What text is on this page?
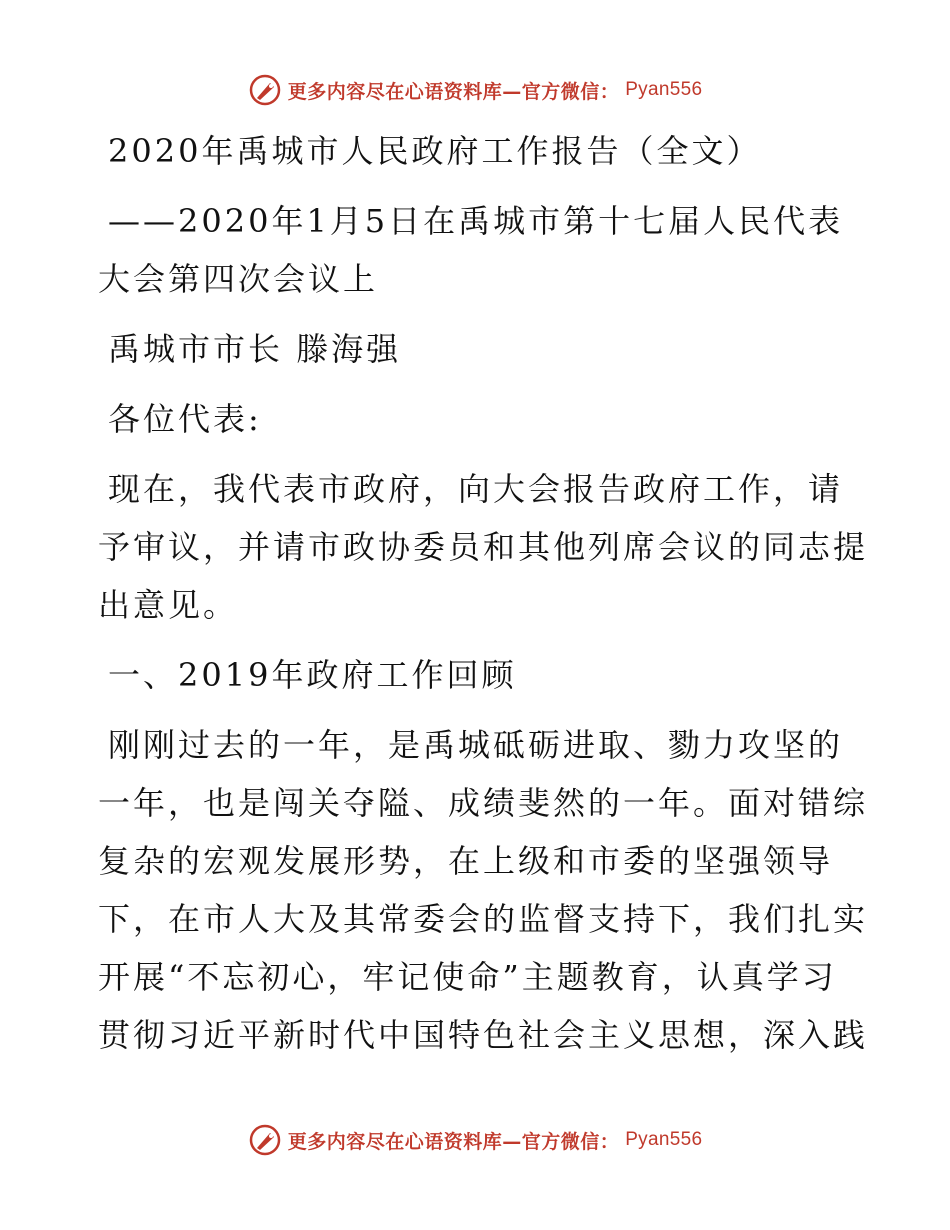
更多内容尽在心语资料库—官方微信： Pyan556
2020年禹城市人民政府工作报告（全文）
——2020年1月5日在禹城市第十七届人民代表
大会第四次会议上
禹城市市长 滕海强
各位代表:
现在，我代表市政府，向大会报告政府工作，请
予审议，并请市政协委员和其他列席会议的同志提
出意见。
一、2019年政府工作回顾
刚刚过去的一年，是禹城砥砺进取、勠力攻坚的
一年，也是闯关夺隘、成绩斐然的一年。面对错综
复杂的宏观发展形势，在上级和市委的坚强领导
下，在市人大及其常委会的监督支持下，我们扎实
开展“不忘初心，牢记使命”主题教育，认真学习
贯彻习近平新时代中国特色社会主义思想，深入践
更多内容尽在心语资料库—官方微信： Pyan556
